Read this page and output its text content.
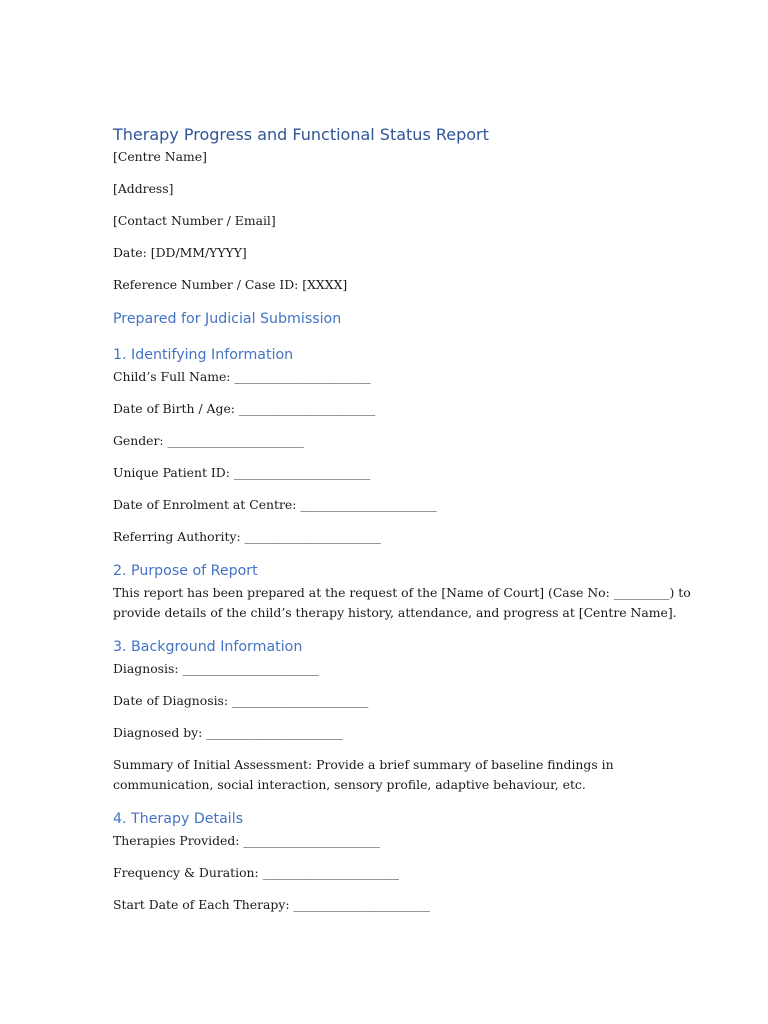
Therapy Progress and Functional Status Report

[Centre Name]

[Address]

[Contact Number / Email]

Date: [DD/MM/YYYY]

Reference Number / Case ID: [XXXX]

Prepared for Judicial Submission
1. Identifying Information

Child’s Full Name: ______________________

Date of Birth / Age: ______________________

Gender: ______________________

Unique Patient ID: ______________________

Date of Enrolment at Centre: ______________________

Referring Authority: ______________________

2. Purpose of Report

This report has been prepared at the request of the [Name of Court] (Case No: _________) to

provide details of the child’s therapy history, attendance, and progress at [Centre Name].

3. Background Information

Diagnosis: ______________________

Date of Diagnosis: ______________________

Diagnosed by: ______________________

Summary of Initial Assessment: Provide a brief summary of baseline findings in

communication, social interaction, sensory profile, adaptive behaviour, etc.

4. Therapy Details

Therapies Provided: ______________________

Frequency & Duration: ______________________

Start Date of Each Therapy: ______________________
